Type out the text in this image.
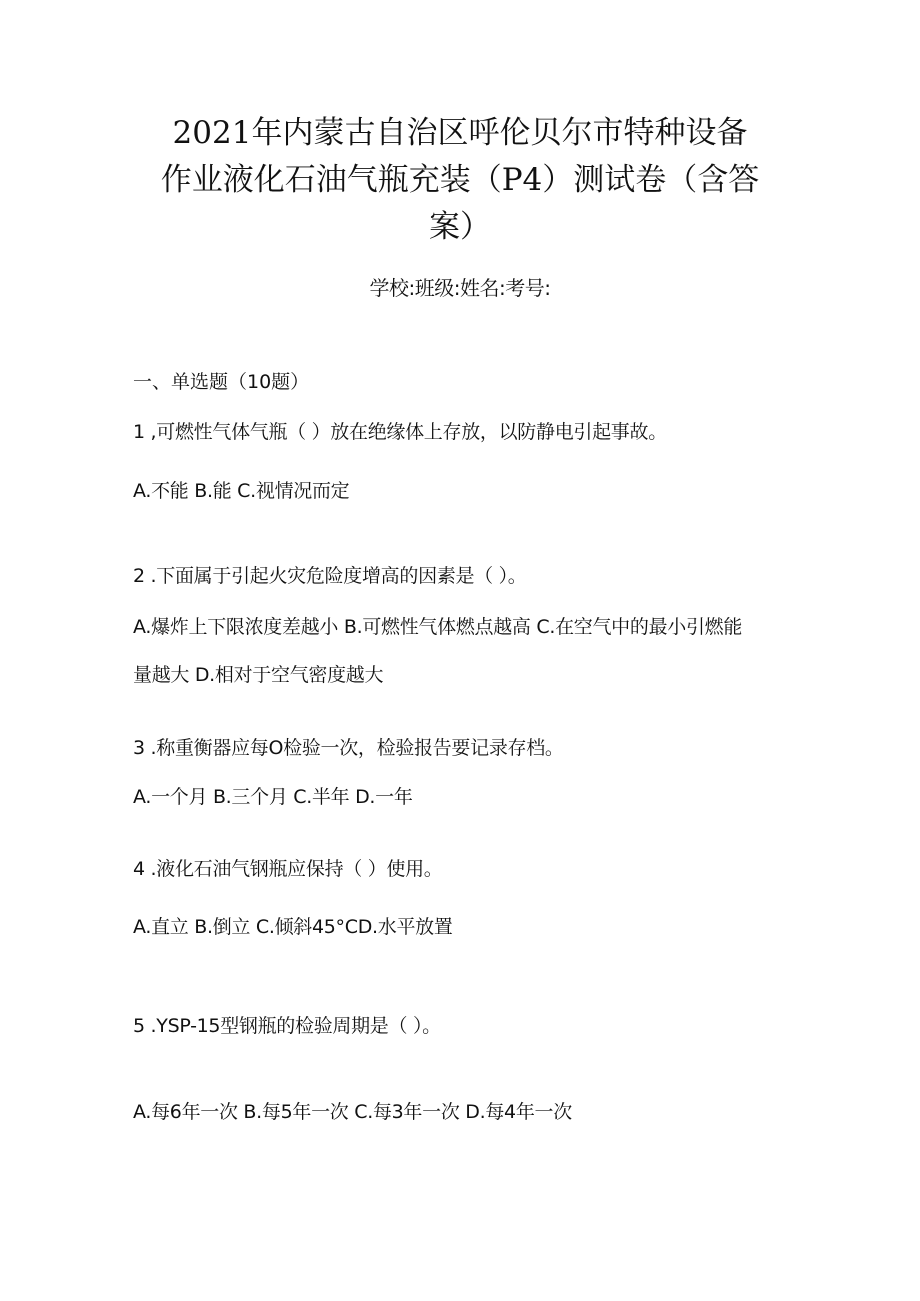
2021年内蒙古自治区呼伦贝尔市特种设备
作业液化石油气瓶充装（P4）测试卷（含答
案）
学校:班级:姓名:考号:
一、单选题（10题）
1 ,可燃性气体气瓶（ ）放在绝缘体上存放，以防静电引起事故。
A.不能 B.能 C.视情况而定
2 .下面属于引起火灾危险度增高的因素是（ ）。
A.爆炸上下限浓度差越小 B.可燃性气体燃点越高 C.在空气中的最小引燃能
量越大 D.相对于空气密度越大
3 .称重衡器应每O检验一次，检验报告要记录存档。
A.一个月 B.三个月 C.半年 D.一年
4 .液化石油气钢瓶应保持（ ）使用。
A.直立 B.倒立 C.倾斜45°CD.水平放置
5 .YSP-15型钢瓶的检验周期是（ ）。
A.每6年一次 B.每5年一次 C.每3年一次 D.每4年一次
